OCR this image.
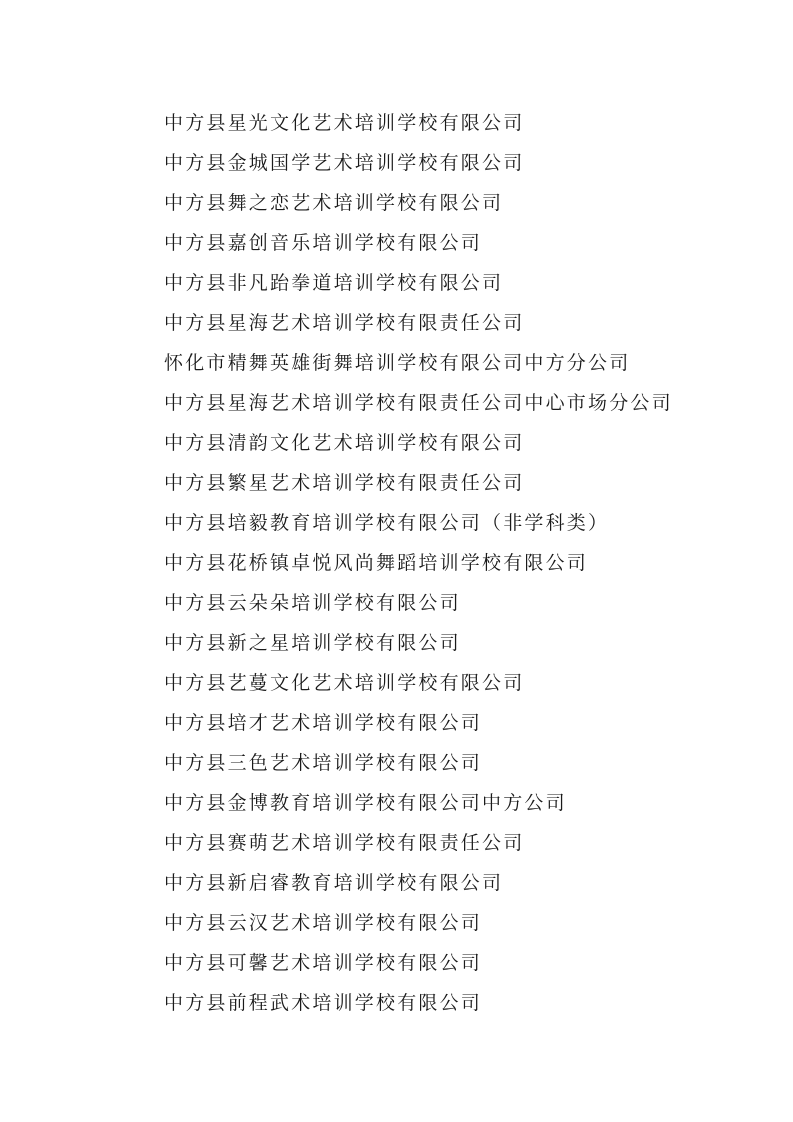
中方县星光文化艺术培训学校有限公司
中方县金城国学艺术培训学校有限公司
中方县舞之恋艺术培训学校有限公司
中方县嘉创音乐培训学校有限公司
中方县非凡跆拳道培训学校有限公司
中方县星海艺术培训学校有限责任公司
怀化市精舞英雄街舞培训学校有限公司中方分公司
中方县星海艺术培训学校有限责任公司中心市场分公司
中方县清韵文化艺术培训学校有限公司
中方县繁星艺术培训学校有限责任公司
中方县培毅教育培训学校有限公司（非学科类）
中方县花桥镇卓悦风尚舞蹈培训学校有限公司
中方县云朵朵培训学校有限公司
中方县新之星培训学校有限公司
中方县艺蔓文化艺术培训学校有限公司
中方县培才艺术培训学校有限公司
中方县三色艺术培训学校有限公司
中方县金博教育培训学校有限公司中方公司
中方县赛萌艺术培训学校有限责任公司
中方县新启睿教育培训学校有限公司
中方县云汉艺术培训学校有限公司
中方县可馨艺术培训学校有限公司
中方县前程武术培训学校有限公司
